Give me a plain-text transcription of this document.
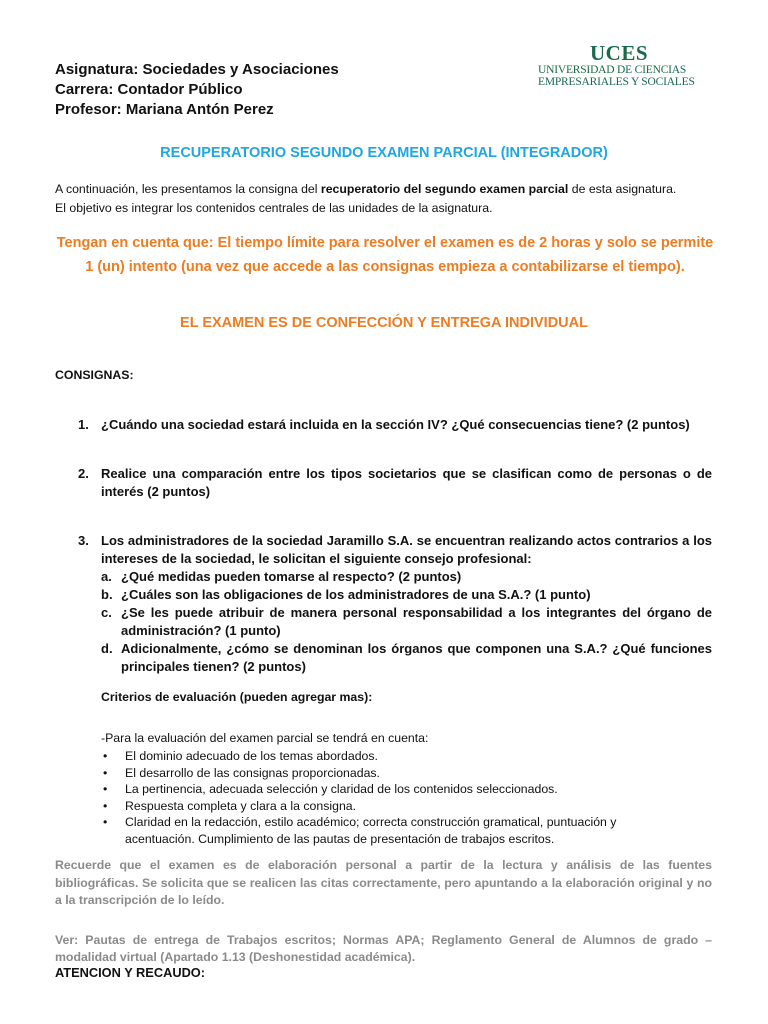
Asignatura: Sociedades y Asociaciones
Carrera: Contador Público
Profesor: Mariana Antón Perez
UCES
UNIVERSIDAD DE CIENCIAS
EMPRESARIALES Y SOCIALES
RECUPERATORIO SEGUNDO EXAMEN PARCIAL (INTEGRADOR)

A continuación, les presentamos la consigna del recuperatorio del segundo examen parcial de esta asignatura.

El objetivo es integrar los contenidos centrales de las unidades de la asignatura.

Tengan en cuenta que: El tiempo límite para resolver el examen es de 2 horas y solo se permite 1 (un) intento (una vez que accede a las consignas empieza a contabilizarse el tiempo).
EL EXAMEN ES DE CONFECCIÓN Y ENTREGA INDIVIDUAL
CONSIGNAS:
1. ¿Cuándo una sociedad estará incluida en la sección IV? ¿Qué consecuencias tiene? (2 puntos)
2. Realice una comparación entre los tipos societarios que se clasifican como de personas o de interés (2 puntos)
3. Los administradores de la sociedad Jaramillo S.A. se encuentran realizando actos contrarios a los intereses de la sociedad, le solicitan el siguiente consejo profesional:
a. ¿Qué medidas pueden tomarse al respecto? (2 puntos)
b. ¿Cuáles son las obligaciones de los administradores de una S.A.? (1 punto)
c. ¿Se les puede atribuir de manera personal responsabilidad a los integrantes del órgano de administración? (1 punto)
d. Adicionalmente, ¿cómo se denominan los órganos que componen una S.A.? ¿Qué funciones principales tienen? (2 puntos)
Criterios de evaluación (pueden agregar mas):
-Para la evaluación del examen parcial se tendrá en cuenta:
• El dominio adecuado de los temas abordados.
• El desarrollo de las consignas proporcionadas.
• La pertinencia, adecuada selección y claridad de los contenidos seleccionados.
• Respuesta completa y clara a la consigna.
• Claridad en la redacción, estilo académico; correcta construcción gramatical, puntuación y acentuación. Cumplimiento de las pautas de presentación de trabajos escritos.
Recuerde que el examen es de elaboración personal a partir de la lectura y análisis de las fuentes bibliográficas. Se solicita que se realicen las citas correctamente, pero apuntando a la elaboración original y no a la transcripción de lo leído.
Ver: Pautas de entrega de Trabajos escritos; Normas APA; Reglamento General de Alumnos de grado – modalidad virtual (Apartado 1.13 (Deshonestidad académica).
ATENCION Y RECAUDO:
